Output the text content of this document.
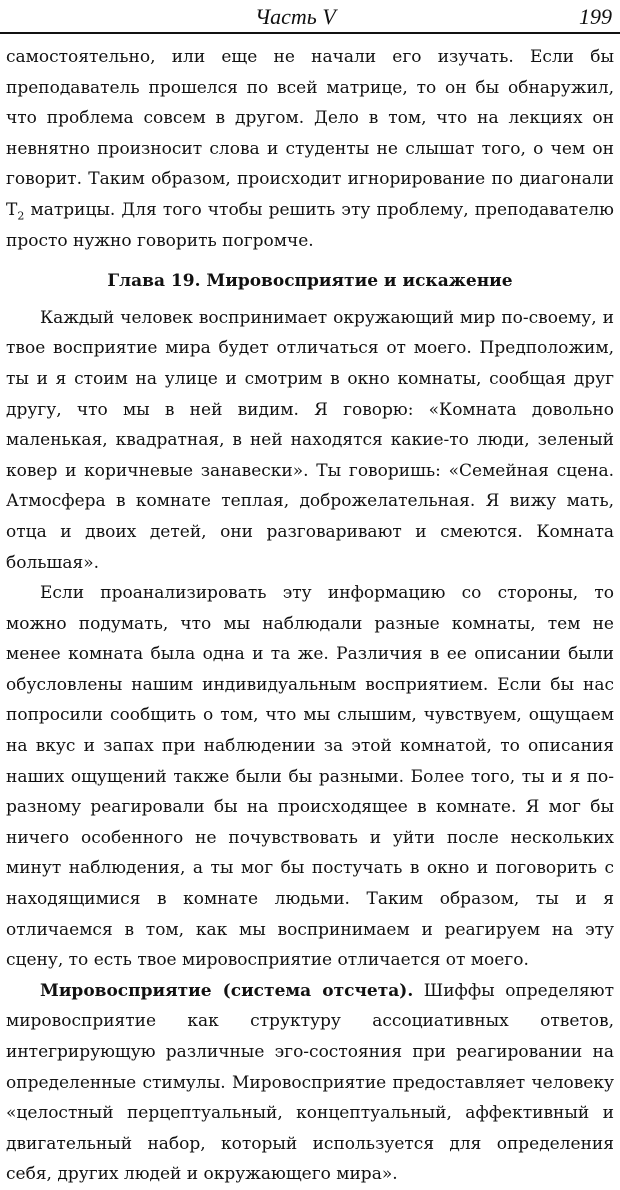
Часть V	199

самостоятельно, или еще не начали его изучать. Если бы преподаватель прошелся по всей матрице, то он бы обнаружил, что проблема совсем в другом. Дело в том, что на лекциях он невнятно произносит слова и студенты не слышат того, о чем он говорит. Таким образом, происходит игнорирование по диагонали $Т_2$ матрицы. Для того чтобы решить эту проблему, преподавателю просто нужно говорить погромче.

Глава 19. Мировосприятие и искажение

Каждый человек воспринимает окружающий мир по-своему, и твое восприятие мира будет отличаться от моего. Предположим, ты и я стоим на улице и смотрим в окно комнаты, сообщая друг другу, что мы в ней видим. Я говорю: «Комната довольно маленькая, квадратная, в ней находятся какие-то люди, зеленый ковер и коричневые занавески». Ты говоришь: «Семейная сцена. Атмосфера в комнате теплая, доброжелательная. Я вижу мать, отца и двоих детей, они разговаривают и смеются. Комната большая».

Если проанализировать эту информацию со стороны, то можно подумать, что мы наблюдали разные комнаты, тем не менее комната была одна и та же. Различия в ее описании были обусловлены нашим индивидуальным восприятием. Если бы нас попросили сообщить о том, что мы слышим, чувствуем, ощущаем на вкус и запах при наблюдении за этой комнатой, то описания наших ощущений также были бы разными. Более того, ты и я по-разному реагировали бы на происходящее в комнате. Я мог бы ничего особенного не почувствовать и уйти после нескольких минут наблюдения, а ты мог бы постучать в окно и поговорить с находящимися в комнате людьми. Таким образом, ты и я отличаемся в том, как мы воспринимаем и реагируем на эту сцену, то есть твое мировосприятие отличается от моего.

Мировосприятие (система отсчета). Шиффы определяют мировосприятие как структуру ассоциативных ответов, интегрирующую различные эго-состояния при реагировании на определенные стимулы. Мировосприятие предоставляет человеку «целостный перцептуальный, концептуальный, аффективный и двигательный набор, который используется для определения себя, других людей и окружающего мира».
